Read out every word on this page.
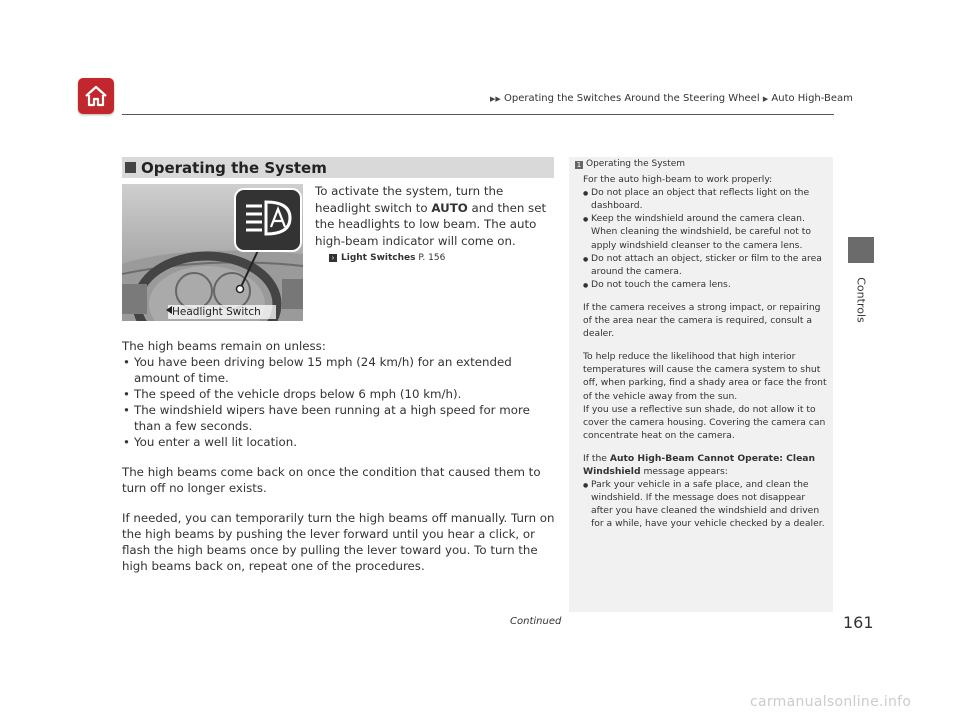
▶▶ Operating the Switches Around the Steering Wheel ▶ Auto High-Beam
Controls
Operating the System
Headlight Switch
To activate the system, turn the headlight switch to AUTO and then set the headlights to low beam. The auto high-beam indicator will come on.
› Light Switches P. 156

The high beams remain on unless:

• You have been driving below 15 mph (24 km/h) for an extended amount of time.
• The speed of the vehicle drops below 6 mph (10 km/h).
• The windshield wipers have been running at a high speed for more than a few seconds.
• You enter a well lit location.

The high beams come back on once the condition that caused them to turn off no longer exists.

If needed, you can temporarily turn the high beams off manually. Turn on the high beams by pushing the lever forward until you hear a click, or flash the high beams once by pulling the lever toward you. To turn the high beams back on, repeat one of the procedures.

1 Operating the System

For the auto high-beam to work properly:

● Do not place an object that reflects light on the dashboard.
● Keep the windshield around the camera clean. When cleaning the windshield, be careful not to apply windshield cleanser to the camera lens.
● Do not attach an object, sticker or film to the area around the camera.
● Do not touch the camera lens.

If the camera receives a strong impact, or repairing of the area near the camera is required, consult a dealer.

To help reduce the likelihood that high interior temperatures will cause the camera system to shut off, when parking, find a shady area or face the front of the vehicle away from the sun.

If you use a reflective sun shade, do not allow it to cover the camera housing. Covering the camera can concentrate heat on the camera.

If the Auto High-Beam Cannot Operate: Clean Windshield message appears:

● Park your vehicle in a safe place, and clean the windshield. If the message does not disappear after you have cleaned the windshield and driven for a while, have your vehicle checked by a dealer.
Continued	161
carmanualsonline.info
